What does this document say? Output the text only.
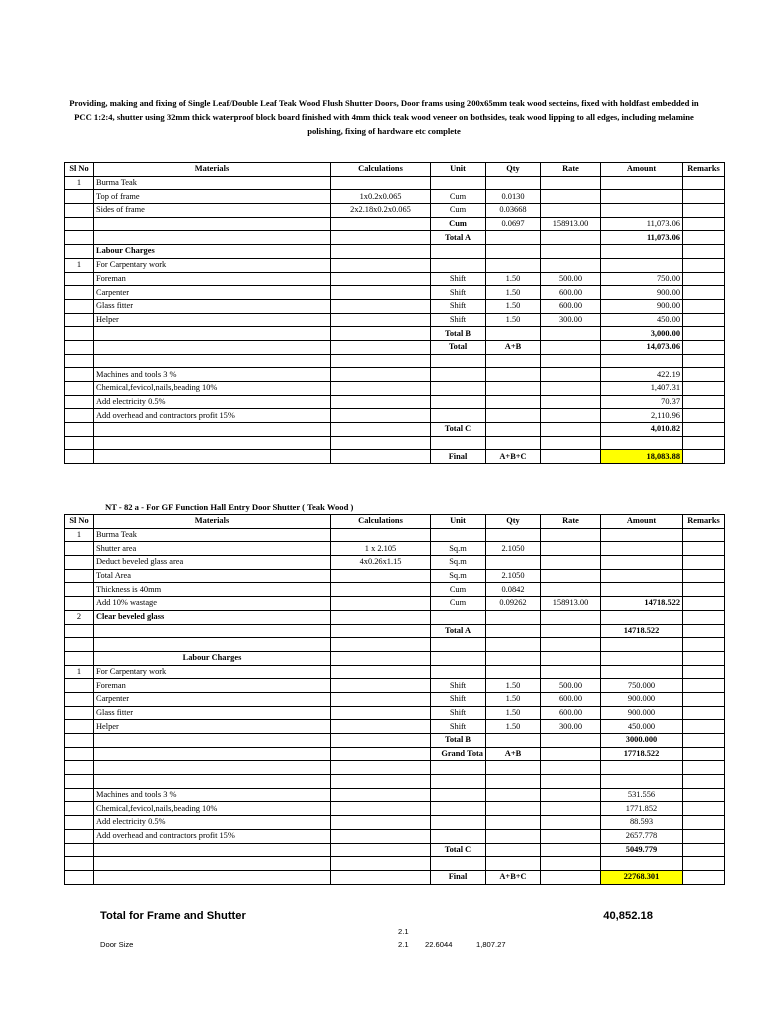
Providing, making and fixing of Single Leaf/Double Leaf Teak Wood Flush Shutter Doors, Door frams using 200x65mm teak wood secteins, fixed with holdfast embedded in PCC 1:2:4, shutter using 32mm thick waterproof block board finished with 4mm thick teak wood veneer on bothsides, teak wood lipping to all edges, including melamine polishing, fixing of hardware etc complete
Sl No	Materials	Calculations	Unit	Qty	Rate	Amount	Remarks
1	Burma Teak						
	Top of frame	1x0.2x0.065	Cum	0.0130			
	Sides of frame	2x2.18x0.2x0.065	Cum	0.03668			
			Cum	0.0697	158913.00	11,073.06	
			Total A			11,073.06	
	Labour Charges						
1	For Carpentary work						
	Foreman		Shift	1.50	500.00	750.00	
	Carpenter		Shift	1.50	600.00	900.00	
	Glass fitter		Shift	1.50	600.00	900.00	
	Helper		Shift	1.50	300.00	450.00	
			Total B			3,000.00	
			Total	A+B		14,073.06	

	Machines and tools 3 %					422.19	
	Chemical,fevicol,nails,beading 10%					1,407.31	
	Add electricity 0.5%					70.37	
	Add overhead and contractors profit 15%					2,110.96	
			Total C			4,010.82	

			Final	A+B+C		18,083.88	
NT - 82 a - For GF Function Hall Entry Door Shutter ( Teak Wood )
Sl No	Materials	Calculations	Unit	Qty	Rate	Amount	Remarks
1	Burma Teak						
	Shutter area	1 x 2.105	Sq.m	2.1050			
	Deduct beveled glass area	4x0.26x1.15	Sq.m				
	Total Area		Sq.m	2.1050			
	Thickness is 40mm		Cum	0.0842			
	Add 10% wastage		Cum	0.09262	158913.00	14718.522	
2	Clear beveled glass						
			Total A			14718.522	

	Labour Charges						
1	For Carpentary work						
	Foreman		Shift	1.50	500.00	750.000	
	Carpenter		Shift	1.50	600.00	900.000	
	Glass fitter		Shift	1.50	600.00	900.000	
	Helper		Shift	1.50	300.00	450.000	
			Total B			3000.000	
			Grand Tota	A+B		17718.522	

	Machines and tools 3 %					531.556	
	Chemical,fevicol,nails,beading 10%					1771.852	
	Add electricity 0.5%					88.593	
	Add overhead and contractors profit 15%					2657.778	
			Total C			5049.779	

			Final	A+B+C		22768.301	
Total for Frame and Shutter	40,852.18
2.1
Door Size	2.1 22.6044	1,807.27
